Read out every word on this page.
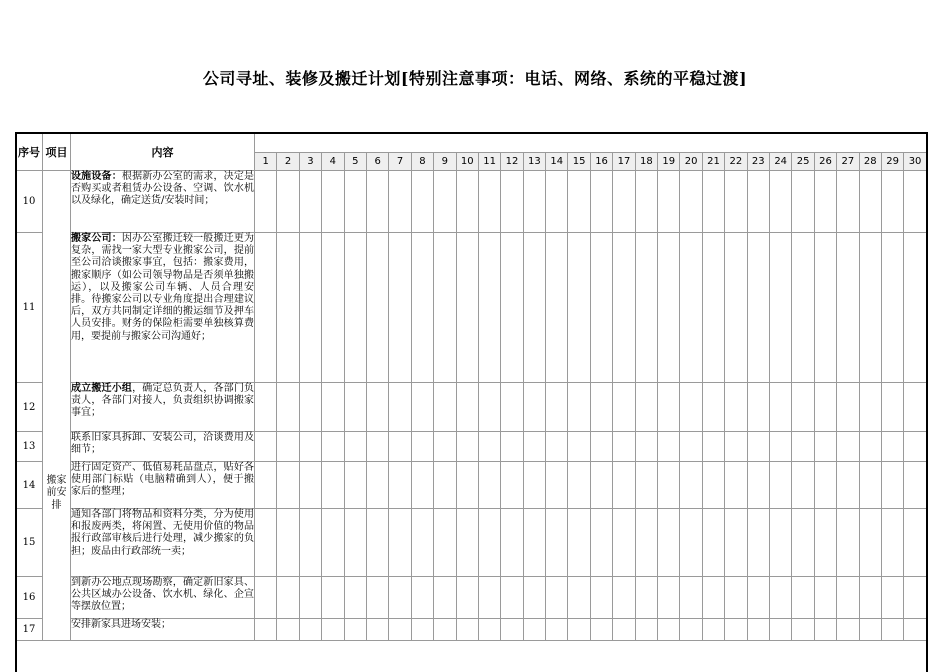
公司寻址、装修及搬迁计划[特别注意事项：电话、网络、系统的平稳过渡]
序号	项目	内容																														
			1	2	3	4	5	6	7	8	9	10	11	12	13	14	15	16	17	18	19	20	21	22	23	24	25	26	27	28	29	30
10	搬家前安排	设施设备：根据新办公室的需求，决定是否购买或者租赁办公设备、空调、饮水机以及绿化，确定送货/安装时间；																														
11		搬家公司：因办公室搬迁较一般搬迁更为复杂，需找一家大型专业搬家公司，提前至公司洽谈搬家事宜，包括：搬家费用，搬家顺序（如公司领导物品是否须单独搬运），以及搬家公司车辆、人员合理安排。待搬家公司以专业角度提出合理建议后，双方共同制定详细的搬运细节及押车人员安排。财务的保险柜需要单独核算费用，要提前与搬家公司沟通好；																														
12		成立搬迁小组，确定总负责人，各部门负责人，各部门对接人，负责组织协调搬家事宜；																														
13		联系旧家具拆卸、安装公司，洽谈费用及细节；																														
14		进行固定资产、低值易耗品盘点，贴好各使用部门标贴（电脑精确到人），便于搬家后的整理；																														
15		通知各部门将物品和资料分类，分为使用和报废两类，将闲置、无使用价值的物品报行政部审核后进行处理，减少搬家的负担；废品由行政部统一卖；																														
16		到新办公地点现场勘察，确定新旧家具、公共区域办公设备、饮水机、绿化、企宣等摆放位置；																														
17		安排新家具进场安装；																														
